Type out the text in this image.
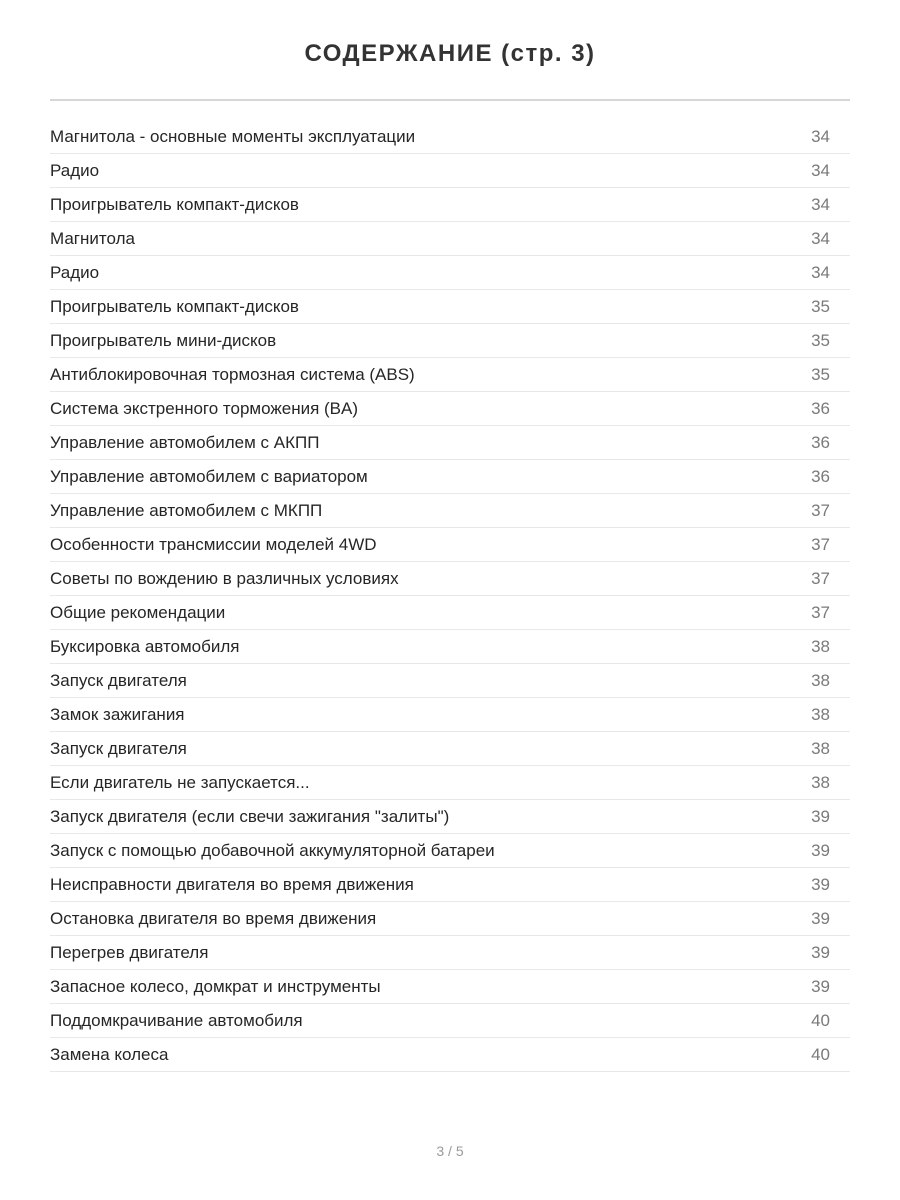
СОДЕРЖАНИЕ (стр. 3)
Магнитола - основные моменты эксплуатации	34
Радио	34
Проигрыватель компакт-дисков	34
Магнитола	34
Радио	34
Проигрыватель компакт-дисков	35
Проигрыватель мини-дисков	35
Антиблокировочная тормозная система (ABS)	35
Система экстренного торможения (BA)	36
Управление автомобилем с АКПП	36
Управление автомобилем с вариатором	36
Управление автомобилем с МКПП	37
Особенности трансмиссии моделей 4WD	37
Советы по вождению в различных условиях	37
Общие рекомендации	37
Буксировка автомобиля	38
Запуск двигателя	38
Замок зажигания	38
Запуск двигателя	38
Если двигатель не запускается...	38
Запуск двигателя (если свечи зажигания "залиты")	39
Запуск с помощью добавочной аккумуляторной батареи	39
Неисправности двигателя во время движения	39
Остановка двигателя во время движения	39
Перегрев двигателя	39
Запасное колесо, домкрат и инструменты	39
Поддомкрачивание автомобиля	40
Замена колеса	40
3 / 5
